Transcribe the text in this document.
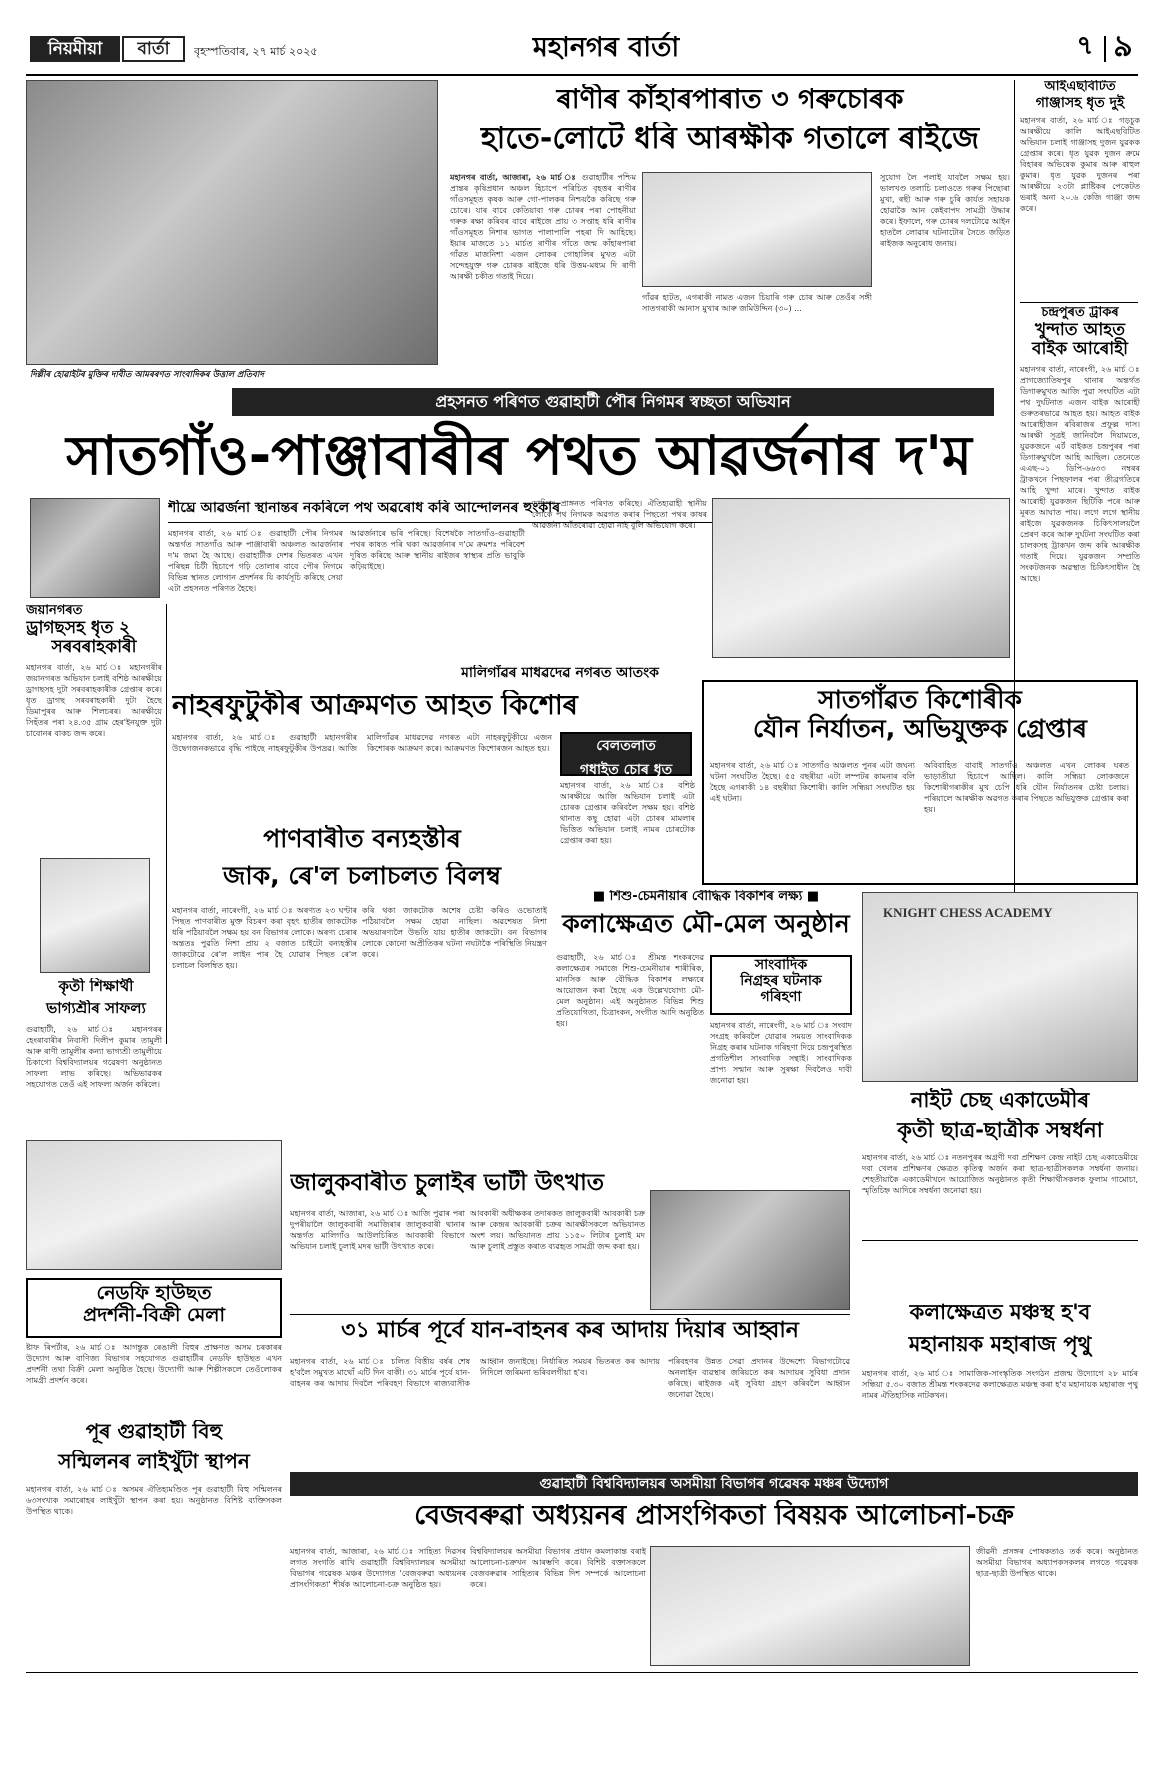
নিয়মীয়া	বাৰ্তা	বৃহস্পতিবাৰ, ২৭ মাৰ্চ ২০২৫	মহানগৰ বাৰ্তা	৭ ৯
দিল্লীৰ হোৱাইটৰ মুক্তিৰ দাবীত আমৰৰণত সাংবাদিকৰ উত্তাল প্ৰতিবাদ
ৰাণীৰ কাঁহাৰপাৰাত ৩ গৰুচোৰক
হাতে-লোটে ধৰি আৰক্ষীক গতালে ৰাইজে
মহানগৰ বাৰ্তা, আজাৰা, ২৬ মাৰ্চ ঃ গুৱাহাটীৰ পশ্চিম প্ৰান্তৰ কৃষিপ্ৰধান অঞ্চল হিচাপে পৰিচিত বৃহত্তৰ ৰাণীৰ গাঁওসমূহত কৃষক আৰু গো-পালকৰ নিশ্চয়কৈ কৰিছে গৰু চোৰে। যাৰ বাবে কেতিয়াবা গৰু চোৰৰ পৰা পোহনীয়া গৰুক ৰক্ষা কৰিবৰ বাবে ৰাইজে প্ৰায় ৩ সপ্তাহ ধৰি ৰাণীৰ গাঁওসমূহত নিশাৰ ভাগত পালাপালি পহৰা দি আহিছে। ইয়াৰ মাজতে ১১ মাৰ্চত ৰাণীৰ গাঁতে জন্ম কাঁহাৰপাৰা গাঁৱত মাজনিশা এজন লোকৰ গোহালিৰ মুখত এটা সন্দেহযুক্ত গৰু চোৰক ৰাইজে ধৰি উত্তম-মধ্যম দি ৰাণী আৰক্ষী চকীত গতাই দিয়ে।
গাঁৱৰ হাটত, এগৰাকী নামত এজন চিয়াৰি গৰু চোৰ আৰু তেওঁৰ সঙ্গী সাতগৰাকী আনাস মুখাৰ আৰু জমিউদ্দিন (৩০) ...
সুযোগ লৈ পলাই যাবলৈ সক্ষম হয়। ভালখণ্ড তলাচি চলাওতে গৰুৰ পিছোৰা মুখা, ৰছী আৰু গৰু চুৰি কাৰ্যত সহায়ক হোৱাকৈ আন কেইবাপদ সামগ্ৰী উদ্ধাৰ কৰে। ইফালে, গৰু চোৰৰ দলটোৱে আইন হাতলৈ লোৱাৰ ঘটনাটোৰ সৈতে জড়িত ৰাইজক অনুৰোধ জনায়।
আইএছবিটিত
গাঞ্জাসহ ধৃত দুই
মহানগৰ বাৰ্তা, ২৬ মাৰ্চ ঃ গড়চুক আৰক্ষীয়ে কালি আইএছবিটিত অভিযান চলাই গাঞ্জাসহ দুজন যুৱকক গ্ৰেপ্তাৰ কৰে। ধৃত যুৱক দুজন ক্ৰমে বিহাৰৰ অভিষেক কুমাৰ আৰু ৰাহুল কুমাৰ। ধৃত যুৱক দুজনৰ পৰা আৰক্ষীয়ে ২৩টা প্লাষ্টিকৰ পেকেটত ভৰাই অনা ২০.৬ কেজি গাঞ্জা জব্দ কৰে।
চন্দ্ৰপুৰত ট্ৰাকৰ
খুন্দাত আহত
বাইক আৰোহী
মহানগৰ বাৰ্তা, নাৰেংগী, ২৬ মাৰ্চ ঃ প্ৰাগজ্যোতিষপুৰ থানাৰ অন্তৰ্গত ডিগাৰুমুখত আজি পুৱা সংঘটিত এটা পথ দুৰ্ঘটনাত এজন বাইক আৰোহী গুৰুতৰভাৱে আহত হয়। আহত বাইক আৰোহীজন ৰবিৰাজৰ প্ৰফুল্ল দাস। আৰক্ষী সূত্ৰই জানিবলৈ দিয়ামতে, যুৱকজনে এৰ্ট বাইকত চন্দ্ৰপুৰৰ পৰা ডিগাৰুমুখলৈ আহি আছিল। তেনেতে এএছ-০১ ডিপি-৬৬৩৩ নম্বৰৰ ট্ৰাকখনে পিছফালৰ পৰা তীব্ৰগতিৰে আহি খুন্দা মাৰে। খুন্দাত বাইক আৰোহী যুৱকজন ছিটিকি পৰে আৰু মূৰত আঘাত পায়। লগে লগে স্থানীয় ৰাইজে যুৱকজনক চিকিৎসালয়লৈ প্ৰেৰণ কৰে আৰু দুৰ্ঘটনা সংঘটিত কৰা চালকসহ ট্ৰাকখন জব্দ কৰি আৰক্ষীক গতাই দিয়ে। যুৱকজন সম্প্ৰতি সংকটজনক অৱস্থাত চিকিৎসাধীন হৈ আছে।
প্ৰহসনত পৰিণত গুৱাহাটী পৌৰ নিগমৰ স্বচ্ছতা অভিযান
সাতগাঁও-পাঞ্জাবাৰীৰ পথত আৱৰ্জনাৰ দ'ম
শীঘ্ৰে আৱৰ্জনা স্থানান্তৰ নকৰিলে পথ অৱৰোধ কৰি আন্দোলনৰ হুংকাৰ
মহানগৰ বাৰ্তা, ২৬ মাৰ্চ ঃ গুৱাহাটী পৌৰ নিগমৰ অন্তৰ্গত সাতগাঁও আৰু পাঞ্জাবাৰী অঞ্চলত আৱৰ্জনাৰ দ'ম জমা হৈ আছে। গুৱাহাটীক দেশৰ ভিতৰত এখন পৰিছন্ন চিটী হিচাপে গঢ়ি তোলাৰ বাবে পৌৰ নিগমে বিভিন্ন স্থানত লোগান প্ৰদৰ্শনৰ যি কাৰ্যসূচি কৰিছে সেয়া এটা প্ৰহসনত পৰিণত হৈছে।
আৱৰ্জনাৰে ভৰি পৰিছে। বিশেষকৈ সাতগাঁও-গুৱাহাটী পথৰ কাষত পৰি থকা আৱৰ্জনাৰ দ'মে ক্ৰমশঃ পৰিবেশ দূষিত কৰিছে আৰু স্থানীয় ৰাইজৰ স্বাস্থ্যৰ প্ৰতি ভাবুকি কঢ়িয়াইছে।
ডাম্পিং প্ৰাঙ্গনত পৰিণত কৰিছে। ঐতিহ্যৱাহী স্থানীয় লোকে পথ নিগমক অৱগত কৰাৰ পিছতো পথৰ কাষৰ আৱৰ্জনা আঁতৰোৱা হোৱা নাই বুলি অভিযোগ কৰে।
জয়ানগৰত
ড্ৰাগছসহ ধৃত ২
সৰবৰাহকাৰী
মহানগৰ বাৰ্তা, ২৬ মাৰ্চ ঃ মহানগৰীৰ জয়ানগৰত অভিযান চলাই বশিষ্ঠ আৰক্ষীয়ে ড্ৰাগছসহ দুটা সৰবৰাহকাৰীক গ্ৰেপ্তাৰ কৰে। ধৃত ড্ৰাগছ সৰবৰাহকাৰী দুটা হৈছে ডিমাপুৰৰ আৰু শিলচৰৰ। আৰক্ষীয়ে সিহঁতৰ পৰা ২৪.৩৫ গ্ৰাম হেৰ'ইনযুক্ত দুটা চাবোনৰ বাকচ জব্দ কৰে।
মালিগাঁৱৰ মাধৱদেৱ নগৰত আতংক
নাহৰফুটুকীৰ আক্ৰমণত আহত কিশোৰ
মহানগৰ বাৰ্তা, ২৬ মাৰ্চ ঃ গুৱাহাটী মহানগৰীৰ উদ্বেগজনকভাৱে বৃদ্ধি পাইছে নাহৰফুটুকীৰ উপদ্ৰৱ। আজি মালিগাঁৱৰ মাধৱদেৱ নগৰত এটা নাহৰফুটুকীয়ে এজন কিশোৰক আক্ৰমণ কৰে। আক্ৰমণত কিশোৰজন আহত হয়।	বেলতলাত
গধাইত চোৰ ধৃত
মহানগৰ বাৰ্তা, ২৬ মাৰ্চ ঃ বশিষ্ঠ আৰক্ষীয়ে আজি অভিযান চলাই এটা চোৰক গ্ৰেপ্তাৰ কৰিবলৈ সক্ষম হয়। বশিষ্ঠ থানাত কছু হোৱা এটা চোৰৰ মামলাৰ ভিত্তিত অভিযান চলাই নামৰ চোৰটোক গ্ৰেপ্তাৰ কৰা হয়।
সাতগাঁৱত কিশোৰীক
যৌন নিৰ্যাতন, অভিযুক্তক গ্ৰেপ্তাৰ
মহানগৰ বাৰ্তা, ২৬ মাৰ্চ ঃ সাতগাঁও অঞ্চলত পুনৰ এটা জঘন্য ঘটনা সংঘটিত হৈছে। ৫৫ বছৰীয়া এটা লম্পটৰ কামনাৰ বলি হৈছে এগৰাকী ১৪ বছৰীয়া কিশোৰী। কালি সন্ধিয়া সংঘটিত হয় এই ঘটনা।
অবিবাহিত বাবাই সাতগাঁও অঞ্চলত এখন লোকৰ ঘৰত ভাড়াতীয়া হিচাপে আছিল। কালি সন্ধিয়া লোকজনে কিশোৰীগৰাকীৰ মুখ চেপি ধৰি যৌন নিৰ্যাতনৰ চেষ্টা চলায়। পৰিয়ালে আৰক্ষীক অৱগত কৰাৰ পিছতে অভিযুক্তক গ্ৰেপ্তাৰ কৰা হয়।
কৃতী শিক্ষাৰ্থী
ভাগ্যশ্ৰীৰ সাফল্য
গুৱাহাটী, ২৬ মাৰ্চ ঃ মহানগৰৰ হেংৰাবাৰীৰ নিবাসী দিলীপ কুমাৰ তামুলী আৰু ৰাণী তামুলীৰ কন্যা ভাগ্যশ্ৰী তামুলীয়ে চিকাগো বিশ্ববিদ্যালয়ৰ গৱেষণা অনুষ্ঠানত সাফল্য লাভ কৰিছে। অভিভাৱকৰ সহযোগত তেওঁ এই সাফল্য অৰ্জন কৰিলে।
পাণবাৰীত বন্যহস্তীৰ
জাক, ৰে'ল চলাচলত বিলম্ব
মহানগৰ বাৰ্তা, নাৰেংগী, ২৬ মাৰ্চ ঃ অৰণ্যত ২৩ ঘণ্টাৰ পিছত পাণবাৰীত মুক্ত বিচৰণ কৰা বৃহৎ হাতীৰ জাকটোক ধৰি পঠিয়াবলৈ সক্ষম হয় বন বিভাগৰ লোকে। অৰণ্য চেৰাৰ অন্ততঃ পুৱতি নিশা প্ৰায় ২ বজাত চাইটো বন্যহস্তীৰ জাকটোৱে ৰে'ল লাইন পাৰ হৈ যোৱাৰ পিছত ৰে'ল চলাচল বিলম্বিত হয়।
কৰি থকা জাকটোক অশেষ চেষ্টা কৰিও ওভোতাই পঠিয়াবলৈ সক্ষম হোৱা নাছিল। অৱশেষত নিশা অভয়াৰণ্যলৈ উভতি যায় হাতীৰ জাকটো। বন বিভাগৰ লোকে কোনো অপ্ৰীতিকৰ ঘটনা নঘটাকৈ পৰিস্থিতি নিয়ন্ত্ৰণ কৰে।
■ শিশু-চেমনীয়াৰ বৌদ্ধিক বিকাশৰ লক্ষ্য ■
কলাক্ষেত্ৰত মৌ-মেল অনুষ্ঠান
গুৱাহাটী, ২৬ মাৰ্চ ঃ শ্ৰীমন্ত শংকৰদেৱ কলাক্ষেত্ৰৰ সমাজে শিশু-চেমনীয়াৰ শাৰীৰিক, মানসিক আৰু বৌদ্ধিক বিকাশৰ লক্ষ্যৰে আয়োজন কৰা হৈছে এক উল্লেখযোগ্য মৌ-মেল অনুষ্ঠান। এই অনুষ্ঠানত বিভিন্ন শিশু প্ৰতিযোগিতা, চিত্ৰাংকন, সংগীত আদি অনুষ্ঠিত হয়।
সাংবাদিক
নিগ্ৰহৰ ঘটনাক
গৰিহণা
মহানগৰ বাৰ্তা, নাৰেংগী, ২৬ মাৰ্চ ঃ সংবাদ সংগ্ৰহ কৰিবলৈ যোৱাৰ সময়ত সাংবাদিকক নিগ্ৰহ কৰাৰ ঘটনাক গৰিহণা দিয়ে চন্দ্ৰপুৰস্থিত প্ৰগতিশীল সাংবাদিক সন্থাই। সাংবাদিকক প্ৰাপ্য সন্মান আৰু সুৰক্ষা দিবলৈও দাবী জনোৱা হয়।
KNIGHT CHESS ACADEMY
নাইট চেছ একাডেমীৰ
কৃতী ছাত্ৰ-ছাত্ৰীক সম্বৰ্ধনা
মহানগৰ বাৰ্তা, ২৬ মাৰ্চ ঃ নতনপুৰৰ অগ্ৰণী দবা প্ৰশিক্ষণ কেন্দ্ৰ নাইট চেছ একাডেমীয়ে দবা খেলৰ প্ৰশিক্ষণৰ ক্ষেত্ৰত কৃতিত্ব অৰ্জন কৰা ছাত্ৰ-ছাত্ৰীসকলক সম্বৰ্ধনা জনায়। শেহতীয়াকৈ একাডেমীখনে আয়োজিত অনুষ্ঠানত কৃতী শিক্ষাৰ্থীসকলক ফুলাম গামোচা, স্মৃতিচিহ্ন আদিৰে সম্বৰ্ধনা জনোৱা হয়।
নেডফি হাউছত
প্ৰদৰ্শনী-বিক্ৰী মেলা
ষ্টাফ ৰিপৰ্টাৰ, ২৬ মাৰ্চ ঃ আগন্তুক ৰেঙালী বিহুৰ প্ৰাক্ষণত অসম চৰকাৰৰ উদ্যোগ আৰু বাণিজ্য বিভাগৰ সহযোগত গুৱাহাটীৰ নেডফি হাউছত এখন প্ৰদৰ্শনী তথা বিক্ৰী মেলা অনুষ্ঠিত হৈছে। উদ্যোগী আৰু শিল্পীসকলে তেওঁলোকৰ সামগ্ৰী প্ৰদৰ্শন কৰে।
জালুকবাৰীত চুলাইৰ ভাটী উৎখাত
মহানগৰ বাৰ্তা, আজাৰা, ২৬ মাৰ্চ ঃ আজি পুৱাৰ পৰা দুপৰীয়ালৈ জালুকবাৰী সমাজিৰাৰ জালুকবাৰী থানাৰ অন্তৰ্গত মালিগাঁও আউলচিৰিত আবকাৰী বিভাগে অভিযান চলাই চুলাই মদৰ ভাটী উৎখাত কৰে।
আবকাৰী অধীক্ষকৰ তদাৰকত জালুকবাৰী আবকাৰী চক্ৰ আৰু কেন্দ্ৰৰ আবকাৰী চক্ৰৰ আৰক্ষীসকলে অভিযানত অংশ লয়। অভিযানত প্ৰায় ১১৫০ লিটাৰ চুলাই মদ আৰু চুলাই প্ৰস্তুত কৰাত ব্যৱহৃত সামগ্ৰী জব্দ কৰা হয়।
৩১ মাৰ্চৰ পূৰ্বে যান-বাহনৰ কৰ আদায় দিয়াৰ আহ্বান
মহানগৰ বাৰ্তা, ২৬ মাৰ্চ ঃ চলিত বিত্তীয় বৰ্ষৰ শেষ হ'বলৈ সমুখত মাথোঁ এটি দিন বাকী। ৩১ মাৰ্চৰ পূৰ্বে যান-বাহনৰ কৰ আদায় দিবলৈ পৰিবহণ বিভাগে ৰাজ্যবাসীক আহ্বান জনাইছে। নিৰ্ধাৰিত সময়ৰ ভিতৰত কৰ আদায় নিদিলে জৰিমনা ভৰিবলগীয়া হ'ব।
পৰিবহণৰ উন্নত সেৱা প্ৰদানৰ উদ্দেশ্যে বিভাগটোৱে অনলাইন ব্যৱস্থাৰ জৰিয়তে কৰ আদায়ৰ সুবিধা প্ৰদান কৰিছে। ৰাইজক এই সুবিধা গ্ৰহণ কৰিবলৈ আহ্বান জনোৱা হৈছে।
কলাক্ষেত্ৰত মঞ্চস্থ হ'ব
মহানায়ক মহাৰাজ পৃথু
মহানগৰ বাৰ্তা, ২৬ মাৰ্চ ঃ সামাজিক-সাংস্কৃতিক সংগঠন প্ৰজন্ম উদ্যোগে ২৮ মাৰ্চৰ সন্ধিয়া ৫.৩০ বজাত শ্ৰীমন্ত শংকৰদেৱ কলাক্ষেত্ৰত মঞ্চস্থ কৰা হ'ব মহানায়ক মহাৰাজ পৃথু নামৰ ঐতিহাসিক নাটকখন।
পূৰ গুৱাহাটী বিহু
সন্মিলনৰ লাইখুঁটা স্থাপন
মহানগৰ বাৰ্তা, ২৬ মাৰ্চ ঃ অসমৰ ঐতিহ্যমণ্ডিত পূৰ গুৱাহাটী বিহু সন্মিলনৰ ৬৩সংখ্যক সমাৰোহৰ লাইখুঁটা স্থাপন কৰা হয়। অনুষ্ঠানত বিশিষ্ট ব্যক্তিসকল উপস্থিত থাকে।
গুৱাহাটী বিশ্ববিদ্যালয়ৰ অসমীয়া বিভাগৰ গৱেষক মঞ্চৰ উদ্যোগ
বেজবৰুৱা অধ্যয়নৰ প্ৰাসংগিকতা বিষয়ক আলোচনা-চক্ৰ
মহানগৰ বাৰ্তা, আজাৰা, ২৬ মাৰ্চ ঃ সাহিত্য দিৱসৰ লগত সংগতি ৰাখি গুৱাহাটী বিশ্ববিদ্যালয়ৰ অসমীয়া বিভাগৰ গৱেষক মঞ্চৰ উদ্যোগত 'বেজবৰুৱা অধ্যয়নৰ প্ৰাসংগিকতা' শীৰ্ষক আলোচনা-চক্ৰ অনুষ্ঠিত হয়।
বিশ্ববিদ্যালয়ৰ অসমীয়া বিভাগৰ প্ৰধান কমলাকান্ত বৰাই আলোচনা-চক্ৰখন আৰম্ভণি কৰে। বিশিষ্ট বক্তাসকলে বেজবৰুৱাৰ সাহিত্যৰ বিভিন্ন দিশ সম্পৰ্কে আলোচনা কৰে।
জীৱনী প্ৰসঙ্গৰ পোষকতাও তৰ্ক কৰে। অনুষ্ঠানত অসমীয়া বিভাগৰ অধ্যাপকসকলৰ লগতে গৱেষক ছাত্ৰ-ছাত্ৰী উপস্থিত থাকে।
